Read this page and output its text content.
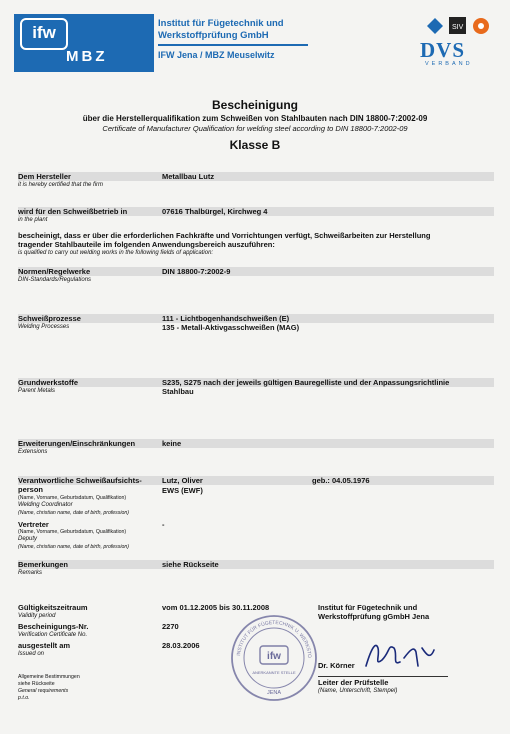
ifw
MBZ
Institut für Fügetechnik und
Werkstoffprüfung GmbH
IFW Jena / MBZ Meuselwitz
SIV
DVS
VERBAND
Bescheinigung
über die Herstellerqualifikation zum Schweißen von Stahlbauten nach DIN 18800-7:2002-09
Certificate of Manufacturer Qualification for welding steel according to DIN 18800-7:2002-09
Klasse B
Dem Hersteller
it is hereby certified that the firm
Metallbau Lutz
wird für den Schweißbetrieb in
in the plant
07616 Thalbürgel, Kirchweg 4
bescheinigt, dass er über die erforderlichen Fachkräfte und Vorrichtungen verfügt, Schweißarbeiten zur Herstellung
tragender Stahlbauteile im folgenden Anwendungsbereich auszuführen:
is qualified to carry out welding works in the following fields of application:
Normen/Regelwerke
DIN-Standards/Regulations
DIN 18800-7:2002-9
Schweißprozesse
Welding Processes
111 - Lichtbogenhandschweißen (E)
135 - Metall-Aktivgasschweißen (MAG)
Grundwerkstoffe
Parent Metals
S235, S275 nach der jeweils gültigen Bauregelliste und der Anpassungsrichtlinie
Stahlbau
Erweiterungen/Einschränkungen
Extensions
keine
Verantwortliche Schweißaufsichts-
person
(Name, Vorname, Geburtsdatum, Qualifikation)
Welding Coordinator
(Name, christian name, date of birth, profession)
Lutz, Oliver
EWS (EWF)
geb.: 04.05.1976
Vertreter
(Name, Vorname, Geburtsdatum, Qualifikation)
Deputy
(Name, christian name, date of birth, profession)
-
Bemerkungen
Remarks
siehe Rückseite
Gültigkeitszeitraum
Validity period
vom 01.12.2005 bis 30.11.2008
Bescheinigungs-Nr.
Verification Certificate No.
2270
ausgestellt am
Issued on
28.03.2006
Institut für Fügetechnik und
Werkstoffprüfung gGmbH Jena
Dr. Körner
Leiter der Prüfstelle
(Name, Unterschrift, Stempel)
ifw
INSTITUT FÜR FÜGETECHNIK U. WERKSTO
ANERKANNTE STELLE
JENA
Allgemeine Bestimmungen
siehe Rückseite
General requirements
p.t.o.
